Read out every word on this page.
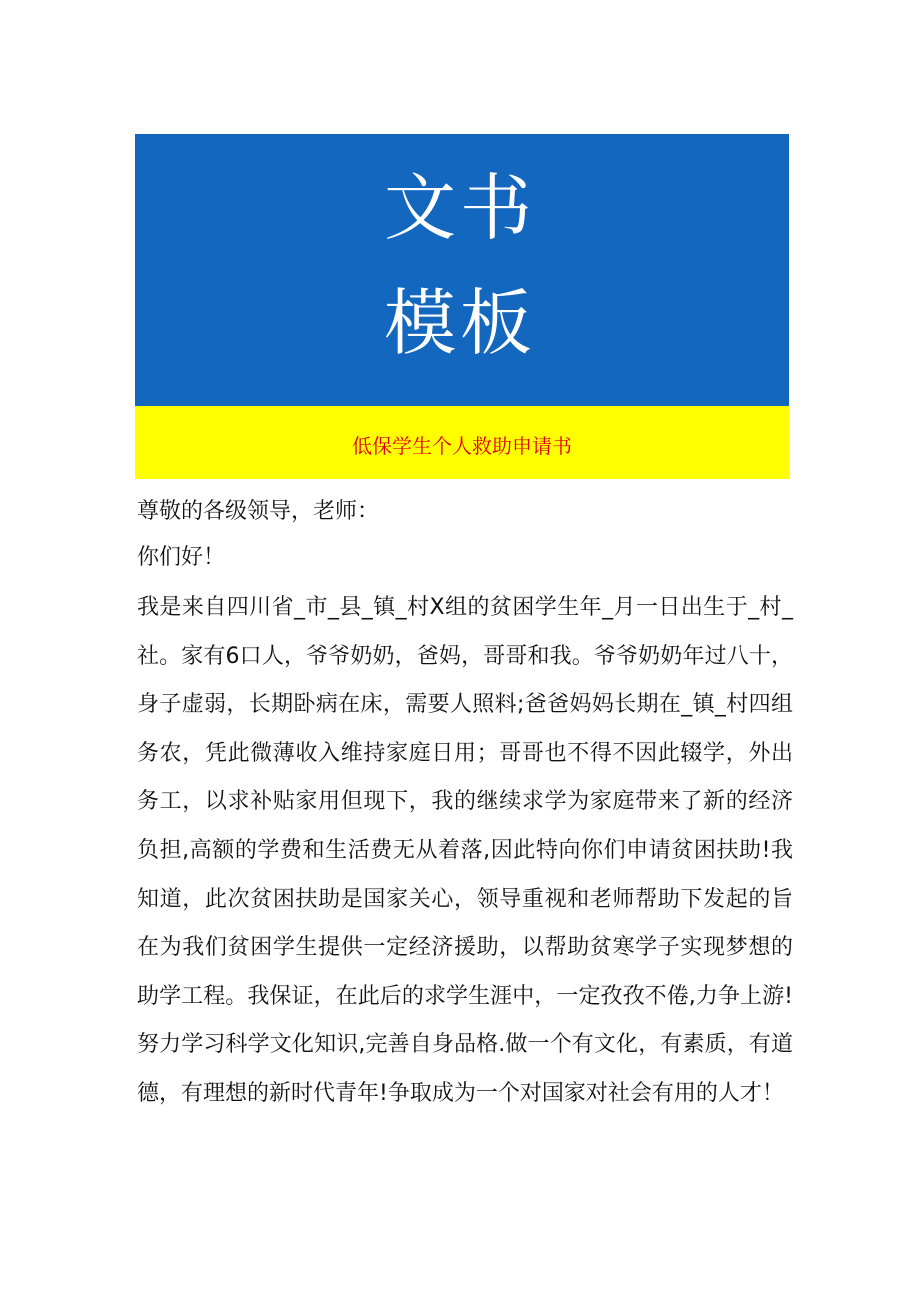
文书
模板
低保学生个人救助申请书

尊敬的各级领导，老师：

你们好！

我是来自四川省_市_县_镇_村X组的贫困学生年_月一日出生于_村_社。家有6口人，爷爷奶奶，爸妈，哥哥和我。爷爷奶奶年过八十，身子虚弱，长期卧病在床，需要人照料;爸爸妈妈长期在_镇_村四组务农，凭此微薄收入维持家庭日用；哥哥也不得不因此辍学，外出务工，以求补贴家用但现下，我的继续求学为家庭带来了新的经济负担,高额的学费和生活费无从着落,因此特向你们申请贫困扶助!我知道，此次贫困扶助是国家关心，领导重视和老师帮助下发起的旨在为我们贫困学生提供一定经济援助，以帮助贫寒学子实现梦想的助学工程。我保证，在此后的求学生涯中，一定孜孜不倦,力争上游!努力学习科学文化知识,完善自身品格.做一个有文化，有素质，有道德，有理想的新时代青年!争取成为一个对国家对社会有用的人才！
